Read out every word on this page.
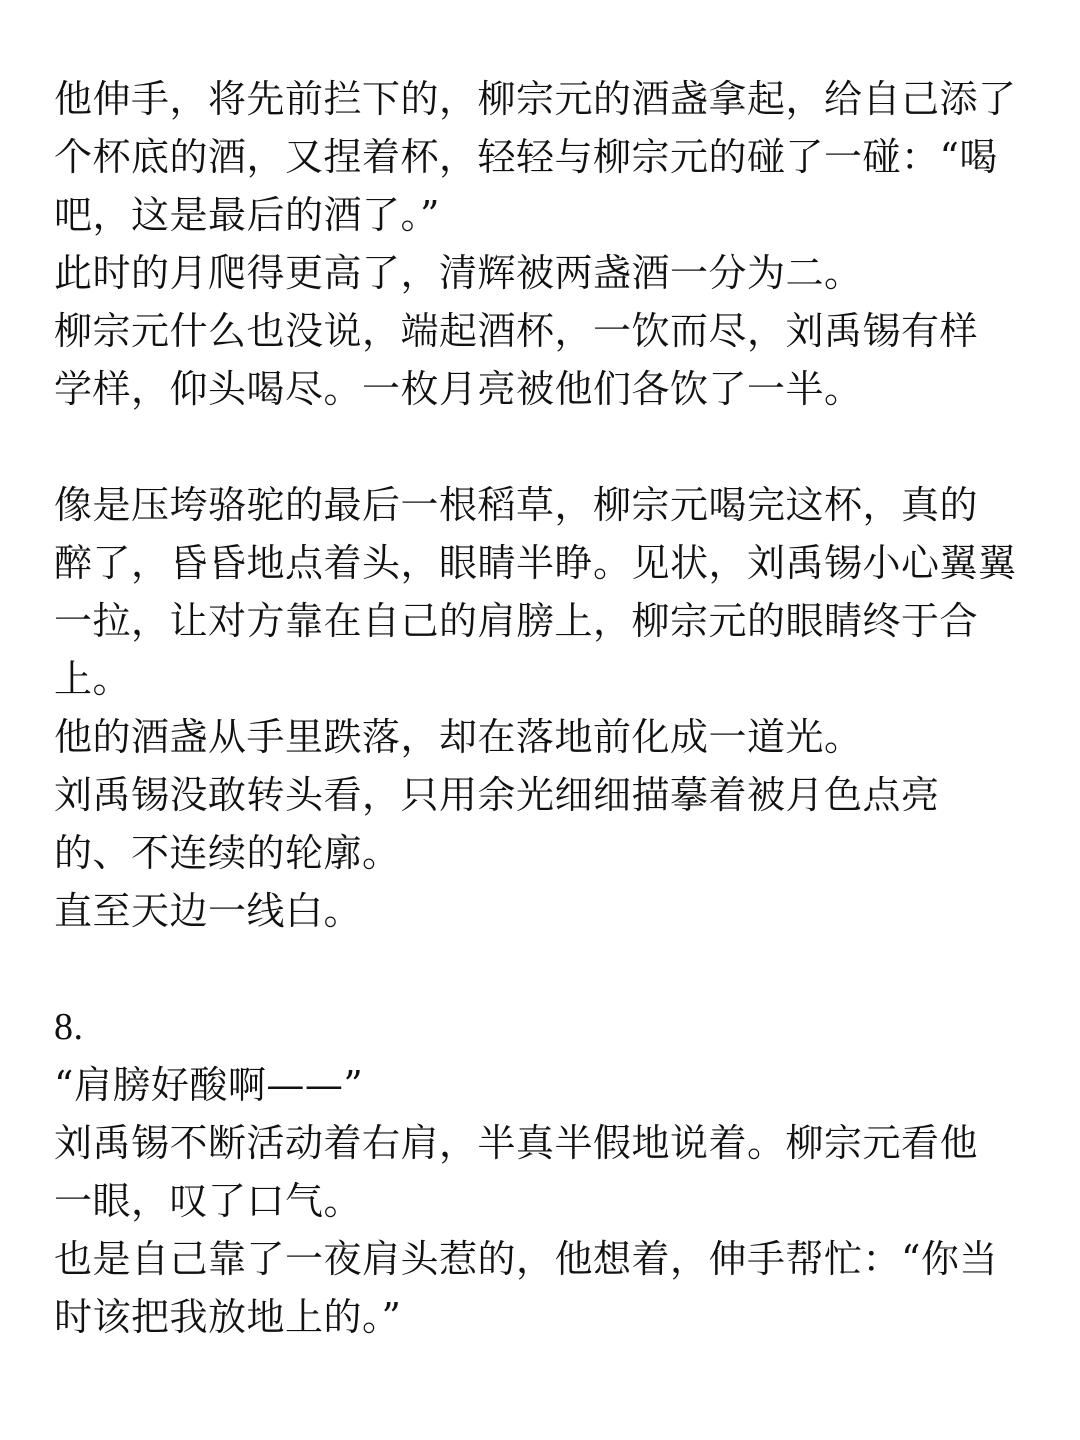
他伸手，将先前拦下的，柳宗元的酒盏拿起，给自己添了
个杯底的酒，又捏着杯，轻轻与柳宗元的碰了一碰：“喝
吧，这是最后的酒了。”
此时的月爬得更高了，清辉被两盏酒一分为二。
柳宗元什么也没说，端起酒杯，一饮而尽，刘禹锡有样
学样，仰头喝尽。一枚月亮被他们各饮了一半。
像是压垮骆驼的最后一根稻草，柳宗元喝完这杯，真的
醉了，昏昏地点着头，眼睛半睁。见状，刘禹锡小心翼翼
一拉，让对方靠在自己的肩膀上，柳宗元的眼睛终于合
上。
他的酒盏从手里跌落，却在落地前化成一道光。
刘禹锡没敢转头看，只用余光细细描摹着被月色点亮
的、不连续的轮廓。
直至天边一线白。
8.
“肩膀好酸啊——”
刘禹锡不断活动着右肩，半真半假地说着。柳宗元看他
一眼，叹了口气。
也是自己靠了一夜肩头惹的，他想着，伸手帮忙：“你当
时该把我放地上的。”
